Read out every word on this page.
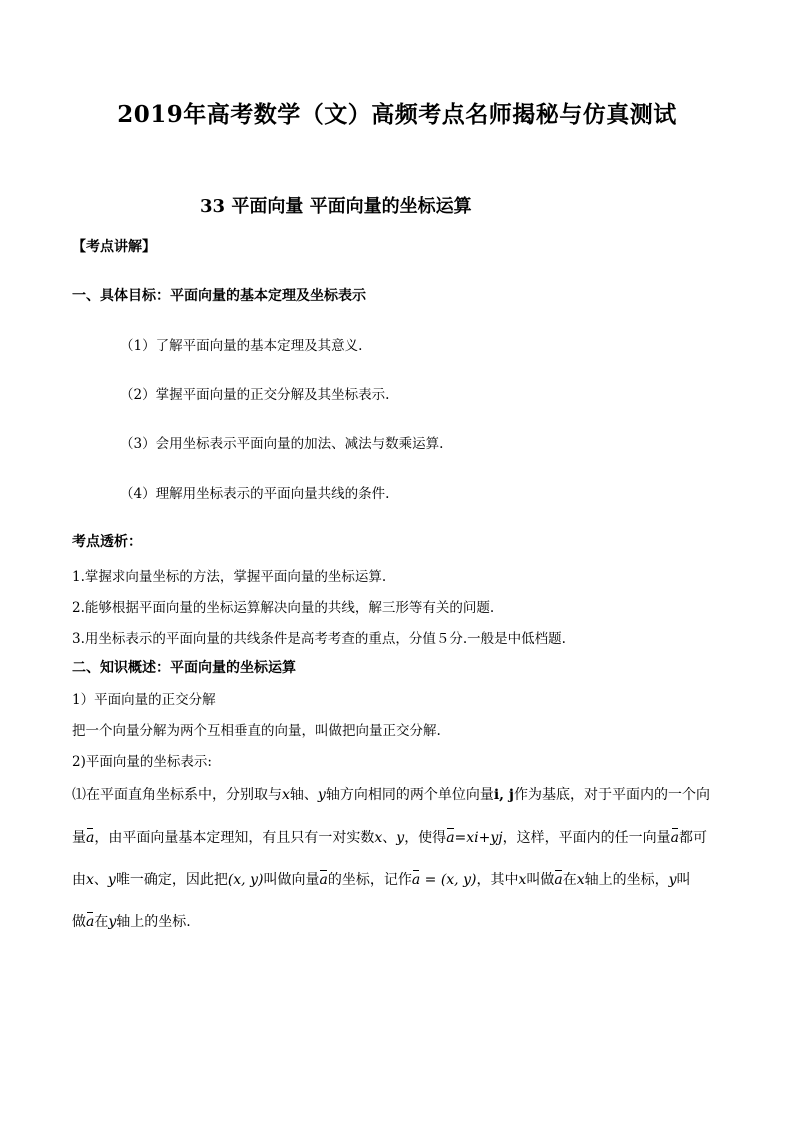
2019年高考数学（文）高频考点名师揭秘与仿真测试
33 平面向量 平面向量的坐标运算
【考点讲解】
一、具体目标：平面向量的基本定理及坐标表示
（1）了解平面向量的基本定理及其意义.
（2）掌握平面向量的正交分解及其坐标表示.
（3）会用坐标表示平面向量的加法、减法与数乘运算.
（4）理解用坐标表示的平面向量共线的条件.
考点透析：
1.掌握求向量坐标的方法，掌握平面向量的坐标运算.
2.能够根据平面向量的坐标运算解决向量的共线，解三形等有关的问题.
3.用坐标表示的平面向量的共线条件是高考考查的重点，分值５分.一般是中低档题.
二、知识概述：平面向量的坐标运算
1）平面向量的正交分解
把一个向量分解为两个互相垂直的向量，叫做把向量正交分解.
2)平面向量的坐标表示:
⑴在平面直角坐标系中，分别取与x轴、y轴方向相同的两个单位向量i, j作为基底，对于平面内的一个向
量a，由平面向量基本定理知，有且只有一对实数x、y，使得a=xi+yj，这样，平面内的任一向量a都可
由x、y唯一确定，因此把(x, y)叫做向量a的坐标，记作a = (x, y)，其中x叫做a在x轴上的坐标，y叫
做a在y轴上的坐标.
